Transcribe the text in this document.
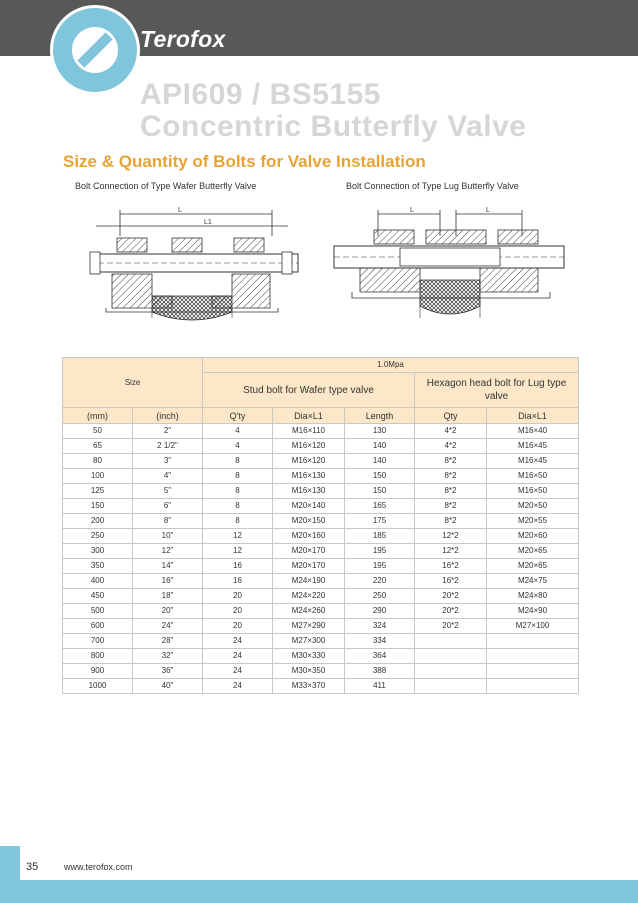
Terofox
API609 / BS5155
Concentric Butterfly Valve
Size & Quantity of Bolts for Valve Installation
Bolt Connection of Type Wafer Butterfly Valve	Bolt Connection of Type Lug Butterfly Valve
L
L1
L	L
Size		1.0Mpa				
		Stud bolt for Wafer type valve			Hexagon head bolt for Lug type valve	
(mm)	(inch)	Q'ty	Dia×L1	Length	Qty	Dia×L1
50	2"	4	M16×110	130	4*2	M16×40
65	2 1/2"	4	M16×120	140	4*2	M16×45
80	3"	8	M16×120	140	8*2	M16×45
100	4"	8	M16×130	150	8*2	M16×50
125	5"	8	M16×130	150	8*2	M16×50
150	6"	8	M20×140	165	8*2	M20×50
200	8"	8	M20×150	175	8*2	M20×55
250	10"	12	M20×160	185	12*2	M20×60
300	12"	12	M20×170	195	12*2	M20×65
350	14"	16	M20×170	195	16*2	M20×65
400	16"	16	M24×190	220	16*2	M24×75
450	18"	20	M24×220	250	20*2	M24×80
500	20"	20	M24×260	290	20*2	M24×90
600	24"	20	M27×290	324	20*2	M27×100
700	28"	24	M27×300	334		
800	32"	24	M30×330	364		
900	36"	24	M30×350	388		
1000	40"	24	M33×370	411		
35	www.terofox.com
